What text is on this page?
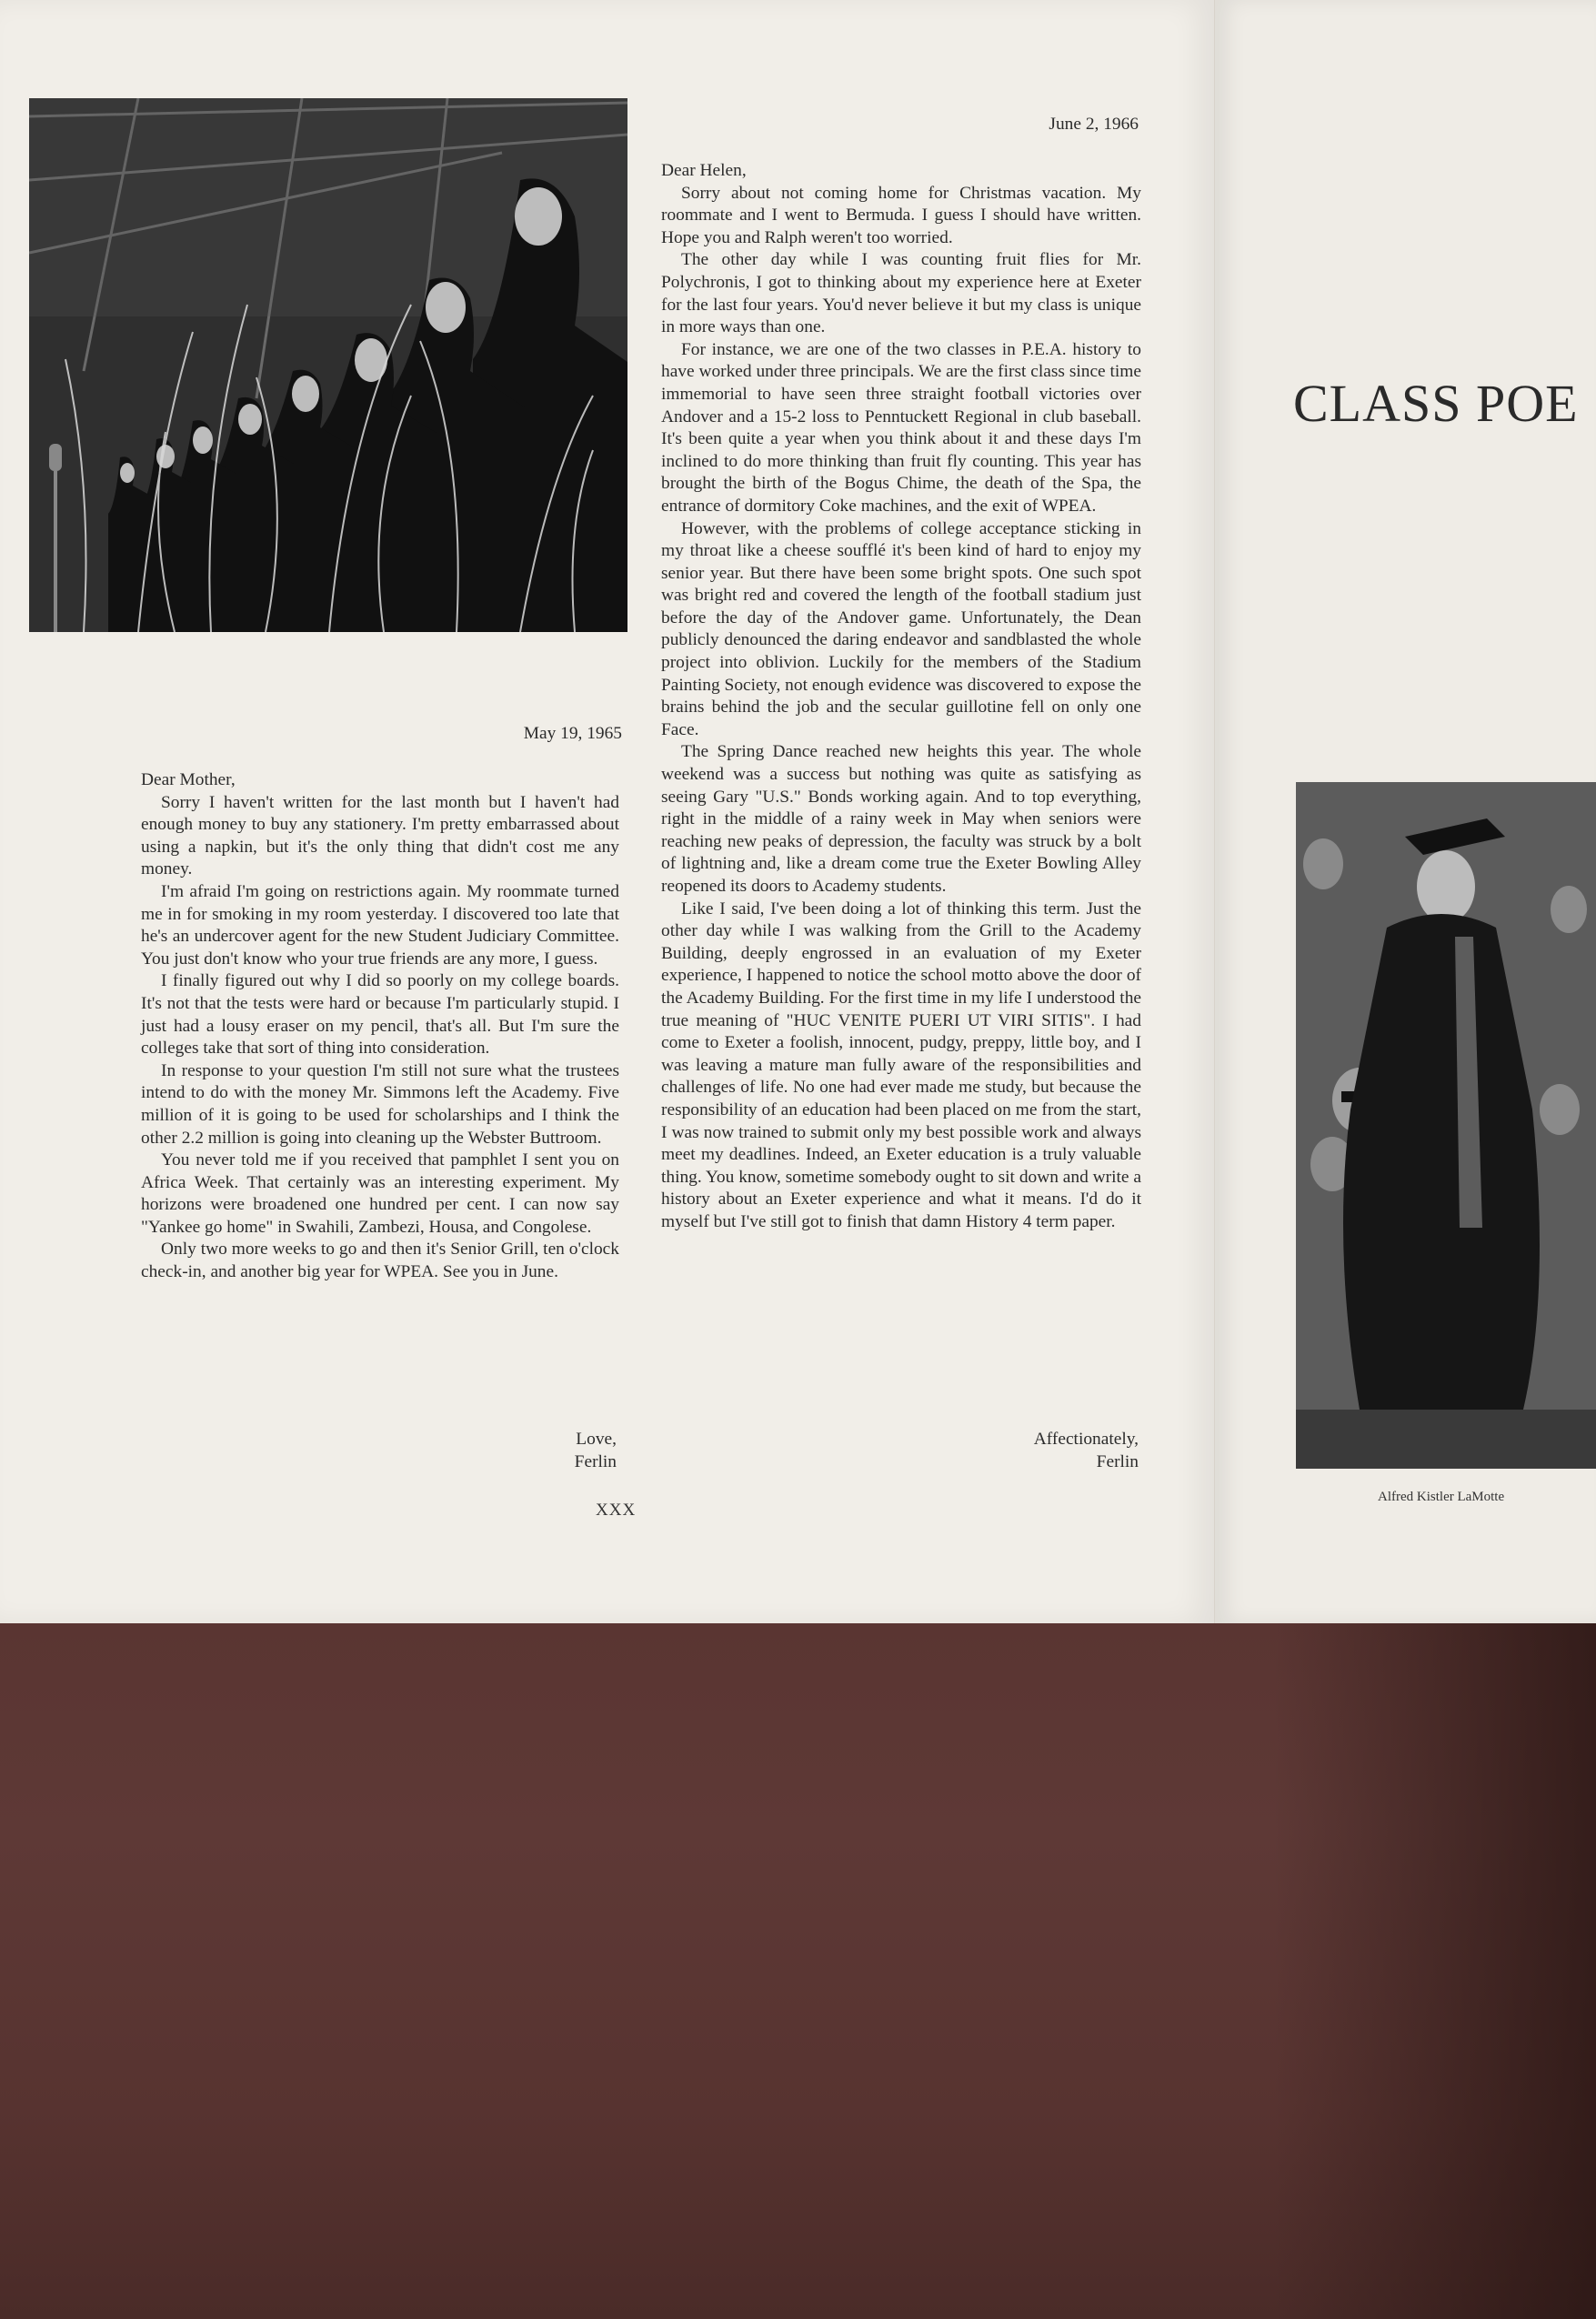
May 19, 1965

Dear Mother,

Sorry I haven't written for the last month but I haven't had enough money to buy any stationery. I'm pretty embarrassed about using a napkin, but it's the only thing that didn't cost me any money.

I'm afraid I'm going on restrictions again. My roommate turned me in for smoking in my room yesterday. I discovered too late that he's an undercover agent for the new Student Judiciary Committee. You just don't know who your true friends are any more, I guess.

I finally figured out why I did so poorly on my college boards. It's not that the tests were hard or because I'm particularly stupid. I just had a lousy eraser on my pencil, that's all. But I'm sure the colleges take that sort of thing into consideration.

In response to your question I'm still not sure what the trustees intend to do with the money Mr. Simmons left the Academy. Five million of it is going to be used for scholarships and I think the other 2.2 million is going into cleaning up the Webster Buttroom.

You never told me if you received that pamphlet I sent you on Africa Week. That certainly was an interesting experiment. My horizons were broadened one hundred per cent. I can now say "Yankee go home" in Swahili, Zambezi, Housa, and Congolese.

Only two more weeks to go and then it's Senior Grill, ten o'clock check-in, and another big year for WPEA. See you in June.

Love,
Ferlin
June 2, 1966

Dear Helen,

Sorry about not coming home for Christmas vacation. My roommate and I went to Bermuda. I guess I should have written. Hope you and Ralph weren't too worried.

The other day while I was counting fruit flies for Mr. Polychronis, I got to thinking about my experience here at Exeter for the last four years. You'd never believe it but my class is unique in more ways than one.

For instance, we are one of the two classes in P.E.A. history to have worked under three principals. We are the first class since time immemorial to have seen three straight football victories over Andover and a 15-2 loss to Penntuckett Regional in club baseball. It's been quite a year when you think about it and these days I'm inclined to do more thinking than fruit fly counting. This year has brought the birth of the Bogus Chime, the death of the Spa, the entrance of dormitory Coke machines, and the exit of WPEA.

However, with the problems of college acceptance sticking in my throat like a cheese soufflé it's been kind of hard to enjoy my senior year. But there have been some bright spots. One such spot was bright red and covered the length of the football stadium just before the day of the Andover game. Unfortunately, the Dean publicly denounced the daring endeavor and sandblasted the whole project into oblivion. Luckily for the members of the Stadium Painting Society, not enough evidence was discovered to expose the brains behind the job and the secular guillotine fell on only one Face.

The Spring Dance reached new heights this year. The whole weekend was a success but nothing was quite as satisfying as seeing Gary "U.S." Bonds working again. And to top everything, right in the middle of a rainy week in May when seniors were reaching new peaks of depression, the faculty was struck by a bolt of lightning and, like a dream come true the Exeter Bowling Alley reopened its doors to Academy students.

Like I said, I've been doing a lot of thinking this term. Just the other day while I was walking from the Grill to the Academy Building, deeply engrossed in an evaluation of my Exeter experience, I happened to notice the school motto above the door of the Academy Building. For the first time in my life I understood the true meaning of "HUC VENITE PUERI UT VIRI SITIS". I had come to Exeter a foolish, innocent, pudgy, preppy, little boy, and I was leaving a mature man fully aware of the responsibilities and challenges of life. No one had ever made me study, but because the responsibility of an education had been placed on me from the start, I was now trained to submit only my best possible work and always meet my deadlines. Indeed, an Exeter education is a truly valuable thing. You know, sometime somebody ought to sit down and write a history about an Exeter experience and what it means. I'd do it myself but I've still got to finish that damn History 4 term paper.

Affectionately,
Ferlin
XXX
CLASS POE
Alfred Kistler LaMotte
